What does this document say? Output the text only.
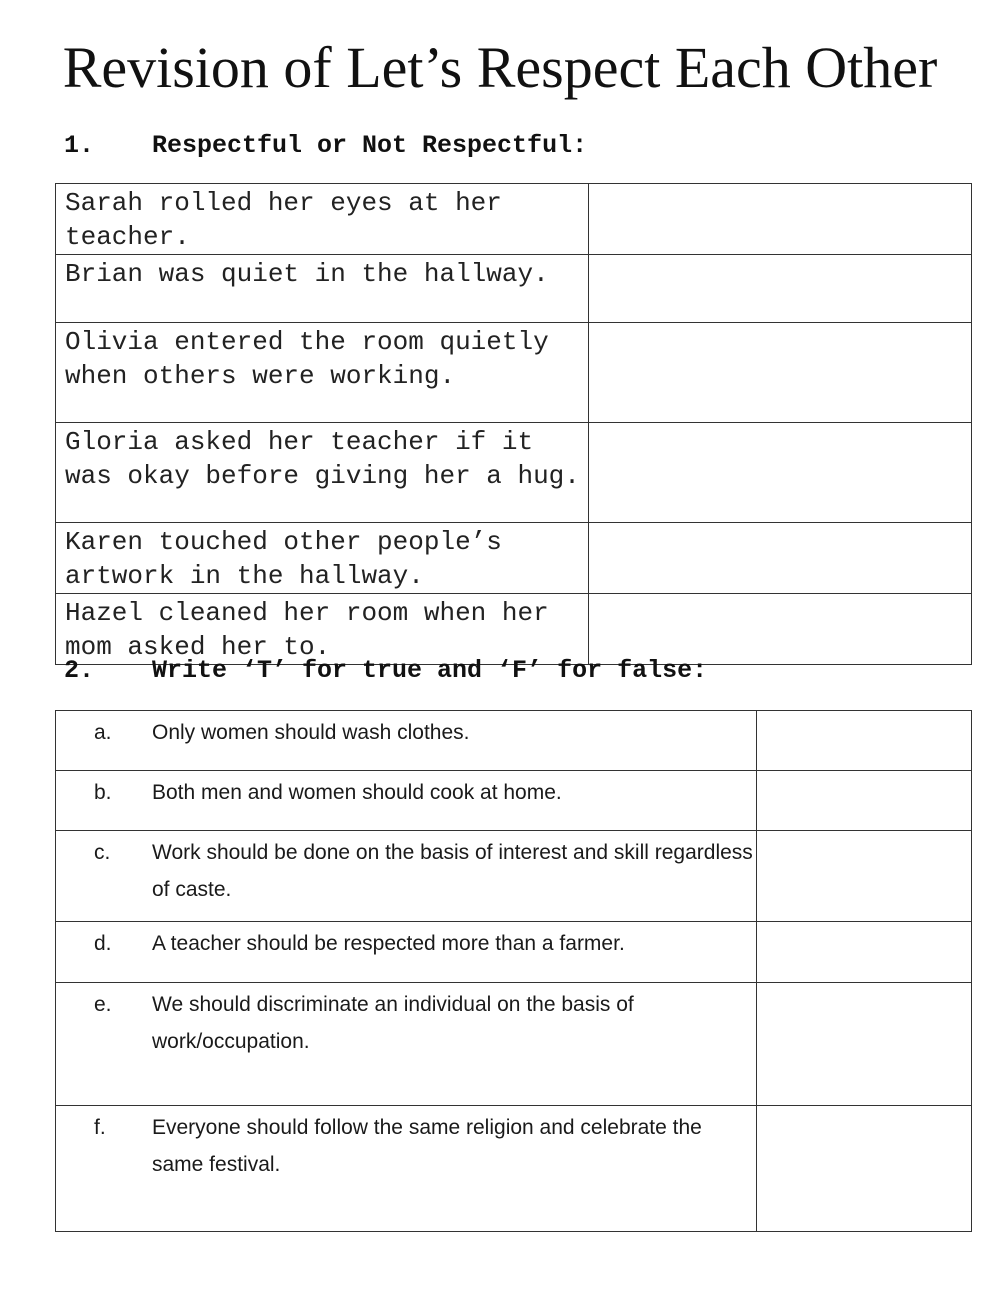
Revision of Let’s Respect Each Other
1. Respectful or Not Respectful:
Sarah rolled her eyes at her teacher.	
Brian was quiet in the hallway.	
Olivia entered the room quietly when others were working.	
Gloria asked her teacher if it was okay before giving her a hug.	
Karen touched other people’s artwork in the hallway.	
Hazel cleaned her room when her mom asked her to.	
2. Write ‘T’ for true and ‘F’ for false:
a.	Only women should wash clothes.	

b.	Both men and women should cook at home.	

c.	Work should be done on the basis of interest and skill regardless of caste.	

d.	A teacher should be respected more than a farmer.	

e.	We should discriminate an individual on the basis of work/occupation.	

f.	Everyone should follow the same religion and celebrate the same festival.	
